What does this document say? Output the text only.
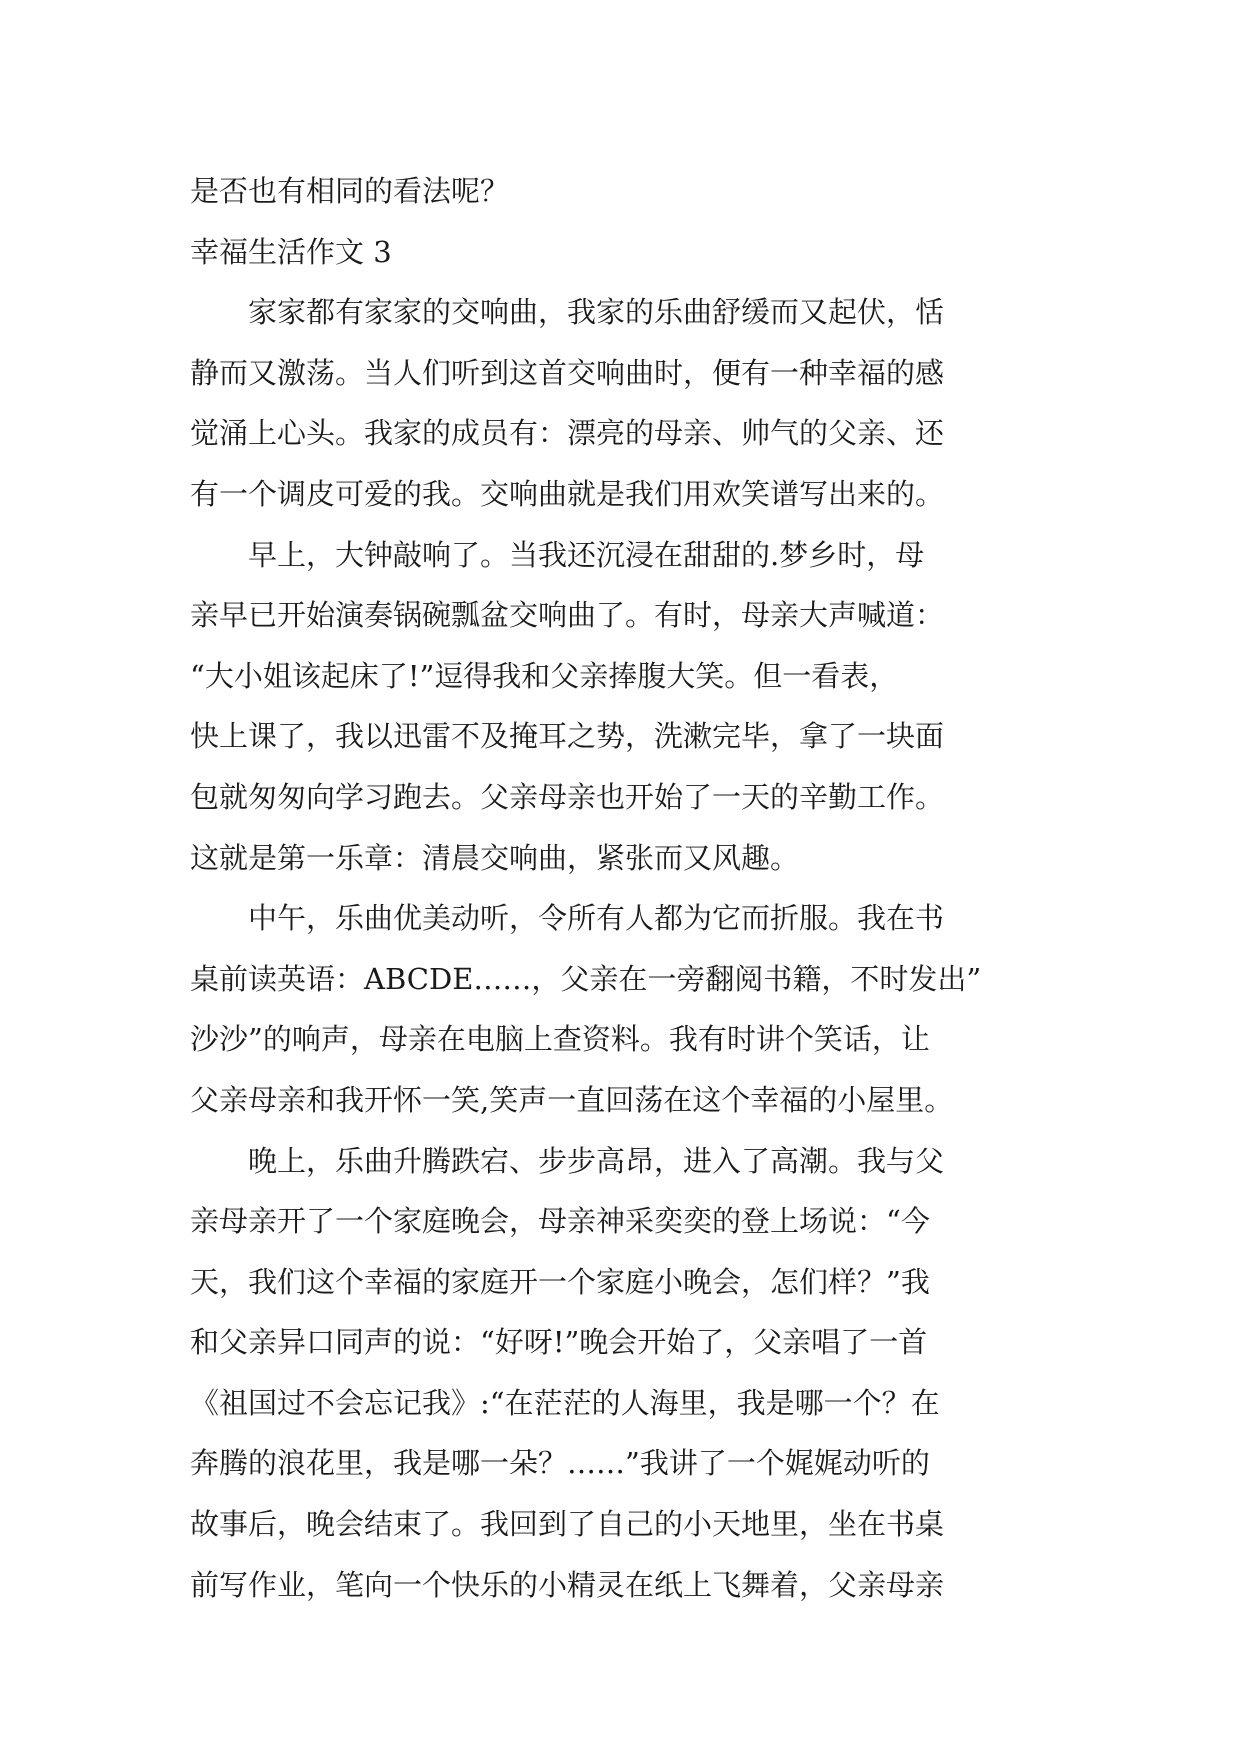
是否也有相同的看法呢？
幸福生活作文 3
家家都有家家的交响曲，我家的乐曲舒缓而又起伏，恬
静而又激荡。当人们听到这首交响曲时，便有一种幸福的感
觉涌上心头。我家的成员有：漂亮的母亲、帅气的父亲、还
有一个调皮可爱的我。交响曲就是我们用欢笑谱写出来的。
早上，大钟敲响了。当我还沉浸在甜甜的.梦乡时，母
亲早已开始演奏锅碗瓢盆交响曲了。有时，母亲大声喊道：
“大小姐该起床了!”逗得我和父亲捧腹大笑。但一看表，
快上课了，我以迅雷不及掩耳之势，洗漱完毕，拿了一块面
包就匆匆向学习跑去。父亲母亲也开始了一天的辛勤工作。
这就是第一乐章：清晨交响曲，紧张而又风趣。
中午，乐曲优美动听，令所有人都为它而折服。我在书
桌前读英语：ABCDE……，父亲在一旁翻阅书籍，不时发出”
沙沙”的响声，母亲在电脑上查资料。我有时讲个笑话，让
父亲母亲和我开怀一笑,笑声一直回荡在这个幸福的小屋里。
晚上，乐曲升腾跌宕、步步高昂，进入了高潮。我与父
亲母亲开了一个家庭晚会，母亲神采奕奕的登上场说：“今
天，我们这个幸福的家庭开一个家庭小晚会，怎们样？”我
和父亲异口同声的说：“好呀!”晚会开始了，父亲唱了一首
《祖国过不会忘记我》:“在茫茫的人海里，我是哪一个？在
奔腾的浪花里，我是哪一朵？……”我讲了一个娓娓动听的
故事后，晚会结束了。我回到了自己的小天地里，坐在书桌
前写作业，笔向一个快乐的小精灵在纸上飞舞着，父亲母亲
